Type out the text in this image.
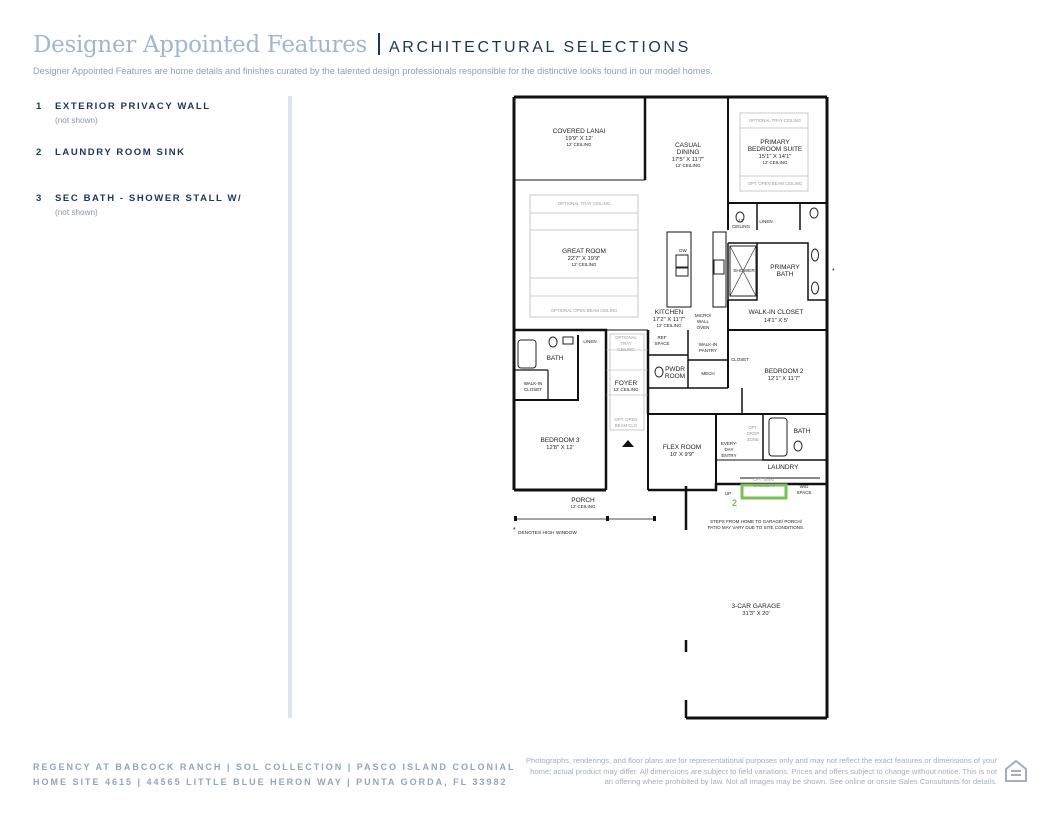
Designer Appointed Features ARCHITECTURAL SELECTIONS
Designer Appointed Features are home details and finishes curated by the talented design professionals responsible for the distinctive looks found in our model homes.
1 EXTERIOR PRIVACY WALL
(not shown)
2 LAUNDRY ROOM SINK
3 SEC BATH - SHOWER STALL W/
(not shown)
COVERED LANAI
19'9" X 12'
12' CEILING	CASUAL
DINING
17'5" X 11'7"
12' CEILING
OPTIONAL TRAY CEILING
PRIMARY
BEDROOM SUITE
15'1" X 14'1"
12' CEILING
OPT. OPEN BEAM CEILING
OPTIONAL TRAY CEILING
GREAT ROOM
22'7" X 19'9"
12' CEILING
OPTIONAL OPEN BEAM CEILING
12'
CEILING
LINEN
SHOWER
PRIMARY
BATH
DW
KITCHEN
17'2" X 11'7"
12' CEILING
MICRO/
WALL
OVEN
WALK-IN CLOSET
14'1" X 5'
REF
SPACE	WALK-IN
PANTRY
CLOSET
BATH
LINEN
OPTIONAL
TRAY
CEILING
WALK-IN
CLOSET
PWDR
ROOM	MECH
FOYER
12' CEILING
BEDROOM 2
12'1" X 11'7"
OPT. OPEN
BEAM CLG	OPT.
DROP
ZONE
BEDROOM 3
12'8" X 12'	FLEX ROOM
10' X 9'9"
EVERY-
DAY
ENTRY
BATH
LAUNDRY
OPT SINK/
CABINETS	W/D
SPACE
UP
PORCH
12' CEILING
STEPS FROM HOME TO GARAGE/ PORCH/
PATIO MAY VARY DUE TO SITE CONDITIONS.
3-CAR GARAGE
31'3" X 20'
DENOTES HIGH WINDOW
*
*
2
REGENCY AT BABCOCK RANCH | SOL COLLECTION | PASCO ISLAND COLONIAL
HOME SITE 4615 | 44565 LITTLE BLUE HERON WAY | PUNTA GORDA, FL 33982
Photographs, renderings, and floor plans are for representational purposes only and may not reflect the exact features or dimensions of your home; actual product may differ. All dimensions are subject to field variations. Prices and offers subject to change without notice. This is not an offering where prohibited by law. Not all images may be shown. See online or onsite Sales Consultants for details.
